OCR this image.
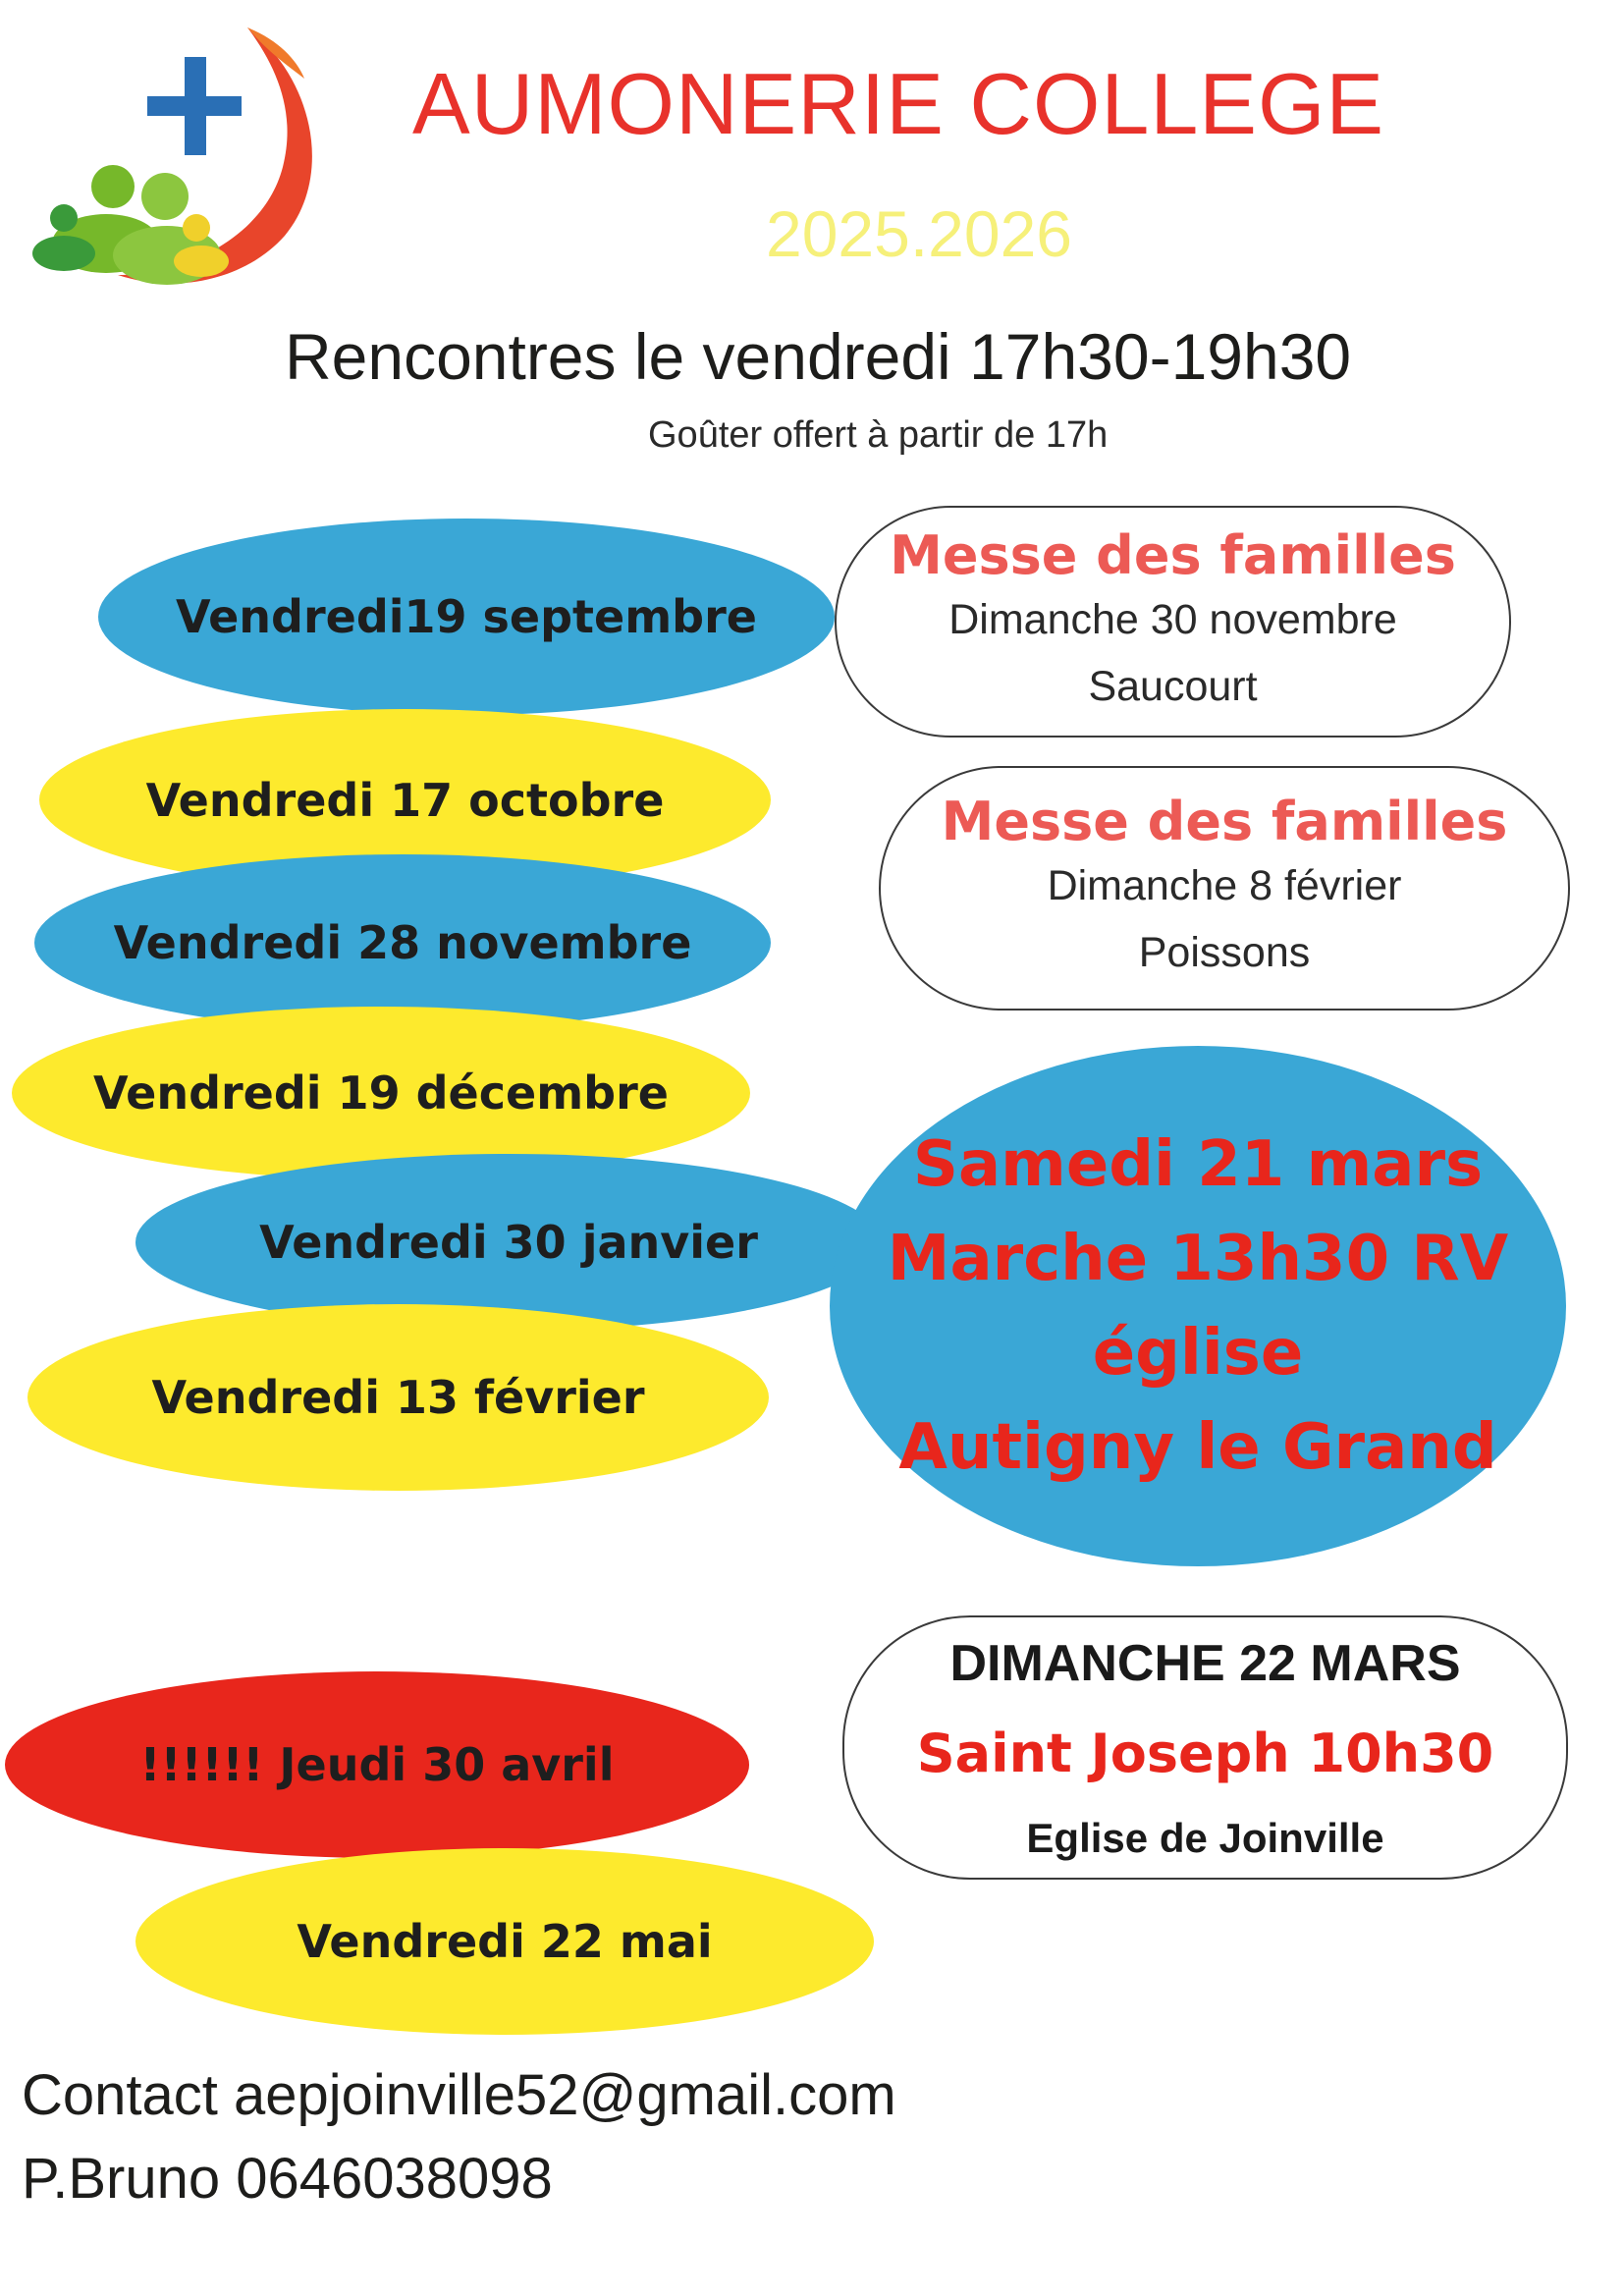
AUMONERIE COLLEGE
2025.2026
Rencontres le vendredi 17h30-19h30
Goûter offert à partir de 17h
Vendredi19 septembre
Vendredi 17 octobre
Vendredi 28 novembre
Vendredi 19 décembre
Vendredi 30 janvier
Vendredi 13 février
!!!!!! Jeudi 30 avril
Vendredi 22 mai
Messe des familles
Dimanche 30 novembre
Saucourt
Messe des familles
Dimanche 8 février
Poissons
Samedi 21 mars
Marche 13h30 RV
église
Autigny le Grand
DIMANCHE 22 MARS
Saint Joseph 10h30
Eglise de Joinville
Contact aepjoinville52@gmail.com
P.Bruno 0646038098
